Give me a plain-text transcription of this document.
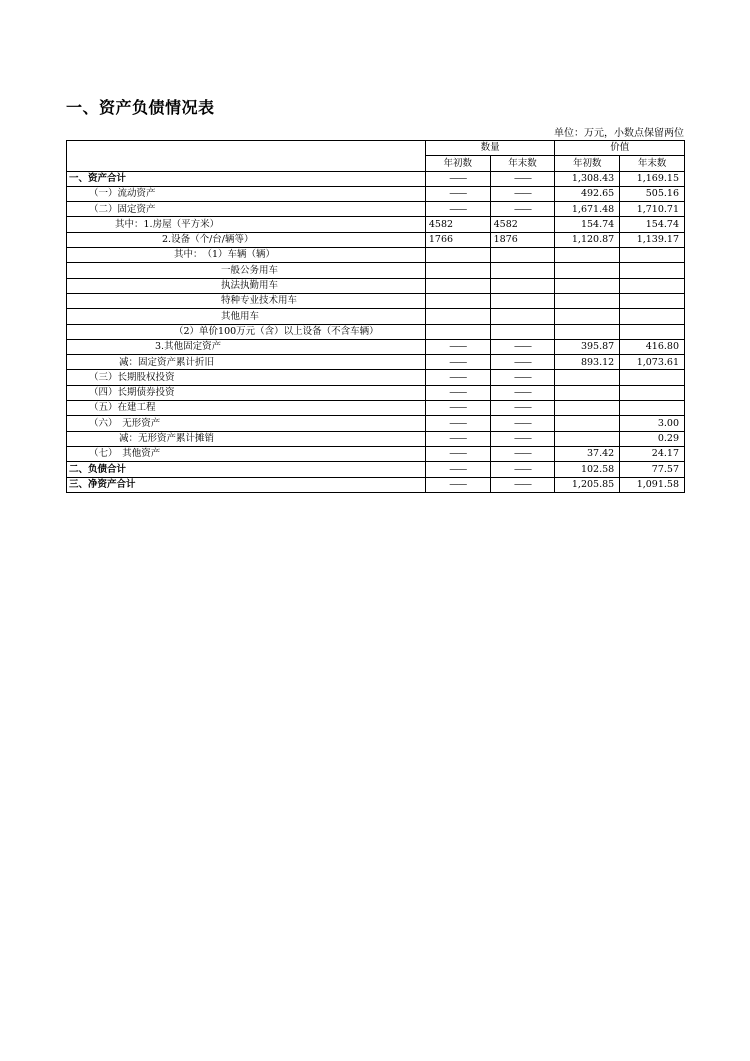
一、资产负债情况表
单位：万元，小数点保留两位
	数量		价值	
	年初数	年末数	年初数	年末数
一、资产合计	——	——	1,308.43	1,169.15
（一）流动资产	——	——	492.65	505.16
（二）固定资产	——	——	1,671.48	1,710.71
其中：1.房屋（平方米）	4582	4582	154.74	154.74
2.设备（个/台/辆等）	1766	1876	1,120.87	1,139.17
其中：　（1）车辆（辆）				
一般公务用车				
执法执勤用车				
特种专业技术用车				
其他用车				
（2）单价100万元（含）以上设备（不含车辆）				
3.其他固定资产	——	——	395.87	416.80
减：固定资产累计折旧	——	——	893.12	1,073.61
（三）长期股权投资	——	——		
（四）长期债券投资	——	——		
（五）在建工程	——	——		
（六）　无形资产	——	——		3.00
减：无形资产累计摊销	——	——		0.29
（七）　其他资产	——	——	37.42	24.17
二、负债合计	——	——	102.58	77.57
三、净资产合计	——	——	1,205.85	1,091.58
